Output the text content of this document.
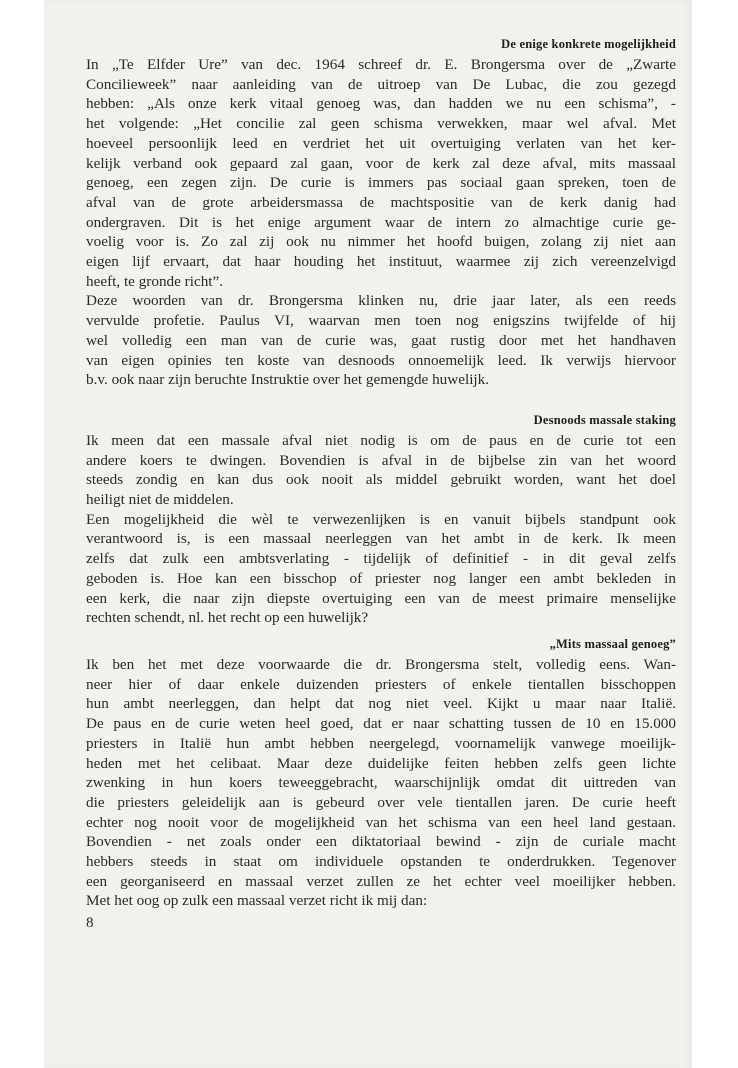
De enige konkrete mogelijkheid

In „Te Elfder Ure” van dec. 1964 schreef dr. E. Brongersma over de „Zwarte
Concilieweek” naar aanleiding van de uitroep van De Lubac, die zou gezegd
hebben: „Als onze kerk vitaal genoeg was, dan hadden we nu een schisma”, -
het volgende: „Het concilie zal geen schisma verwekken, maar wel afval. Met
hoeveel persoonlijk leed en verdriet het uit overtuiging verlaten van het ker-
kelijk verband ook gepaard zal gaan, voor de kerk zal deze afval, mits massaal
genoeg, een zegen zijn. De curie is immers pas sociaal gaan spreken, toen de
afval van de grote arbeidersmassa de machtspositie van de kerk danig had
ondergraven. Dit is het enige argument waar de intern zo almachtige curie ge-
voelig voor is. Zo zal zij ook nu nimmer het hoofd buigen, zolang zij niet aan
eigen lijf ervaart, dat haar houding het instituut, waarmee zij zich vereenzelvigd
heeft, te gronde richt”.

Deze woorden van dr. Brongersma klinken nu, drie jaar later, als een reeds
vervulde profetie. Paulus VI, waarvan men toen nog enigszins twijfelde of hij
wel volledig een man van de curie was, gaat rustig door met het handhaven
van eigen opinies ten koste van desnoods onnoemelijk leed. Ik verwijs hiervoor
b.v. ook naar zijn beruchte Instruktie over het gemengde huwelijk.

Desnoods massale staking

Ik meen dat een massale afval niet nodig is om de paus en de curie tot een
andere koers te dwingen. Bovendien is afval in de bijbelse zin van het woord
steeds zondig en kan dus ook nooit als middel gebruikt worden, want het doel
heiligt niet de middelen.

Een mogelijkheid die wèl te verwezenlijken is en vanuit bijbels standpunt ook
verantwoord is, is een massaal neerleggen van het ambt in de kerk. Ik meen
zelfs dat zulk een ambtsverlating - tijdelijk of definitief - in dit geval zelfs
geboden is. Hoe kan een bisschop of priester nog langer een ambt bekleden in
een kerk, die naar zijn diepste overtuiging een van de meest primaire menselijke
rechten schendt, nl. het recht op een huwelijk?

„Mits massaal genoeg”

Ik ben het met deze voorwaarde die dr. Brongersma stelt, volledig eens. Wan-
neer hier of daar enkele duizenden priesters of enkele tientallen bisschoppen
hun ambt neerleggen, dan helpt dat nog niet veel. Kijkt u maar naar Italië.
De paus en de curie weten heel goed, dat er naar schatting tussen de 10 en 15.000
priesters in Italië hun ambt hebben neergelegd, voornamelijk vanwege moeilijk-
heden met het celibaat. Maar deze duidelijke feiten hebben zelfs geen lichte
zwenking in hun koers teweeggebracht, waarschijnlijk omdat dit uittreden van
die priesters geleidelijk aan is gebeurd over vele tientallen jaren. De curie heeft
echter nog nooit voor de mogelijkheid van het schisma van een heel land gestaan.
Bovendien - net zoals onder een diktatoriaal bewind - zijn de curiale macht
hebbers steeds in staat om individuele opstanden te onderdrukken. Tegenover
een georganiseerd en massaal verzet zullen ze het echter veel moeilijker hebben.
Met het oog op zulk een massaal verzet richt ik mij dan:

8
